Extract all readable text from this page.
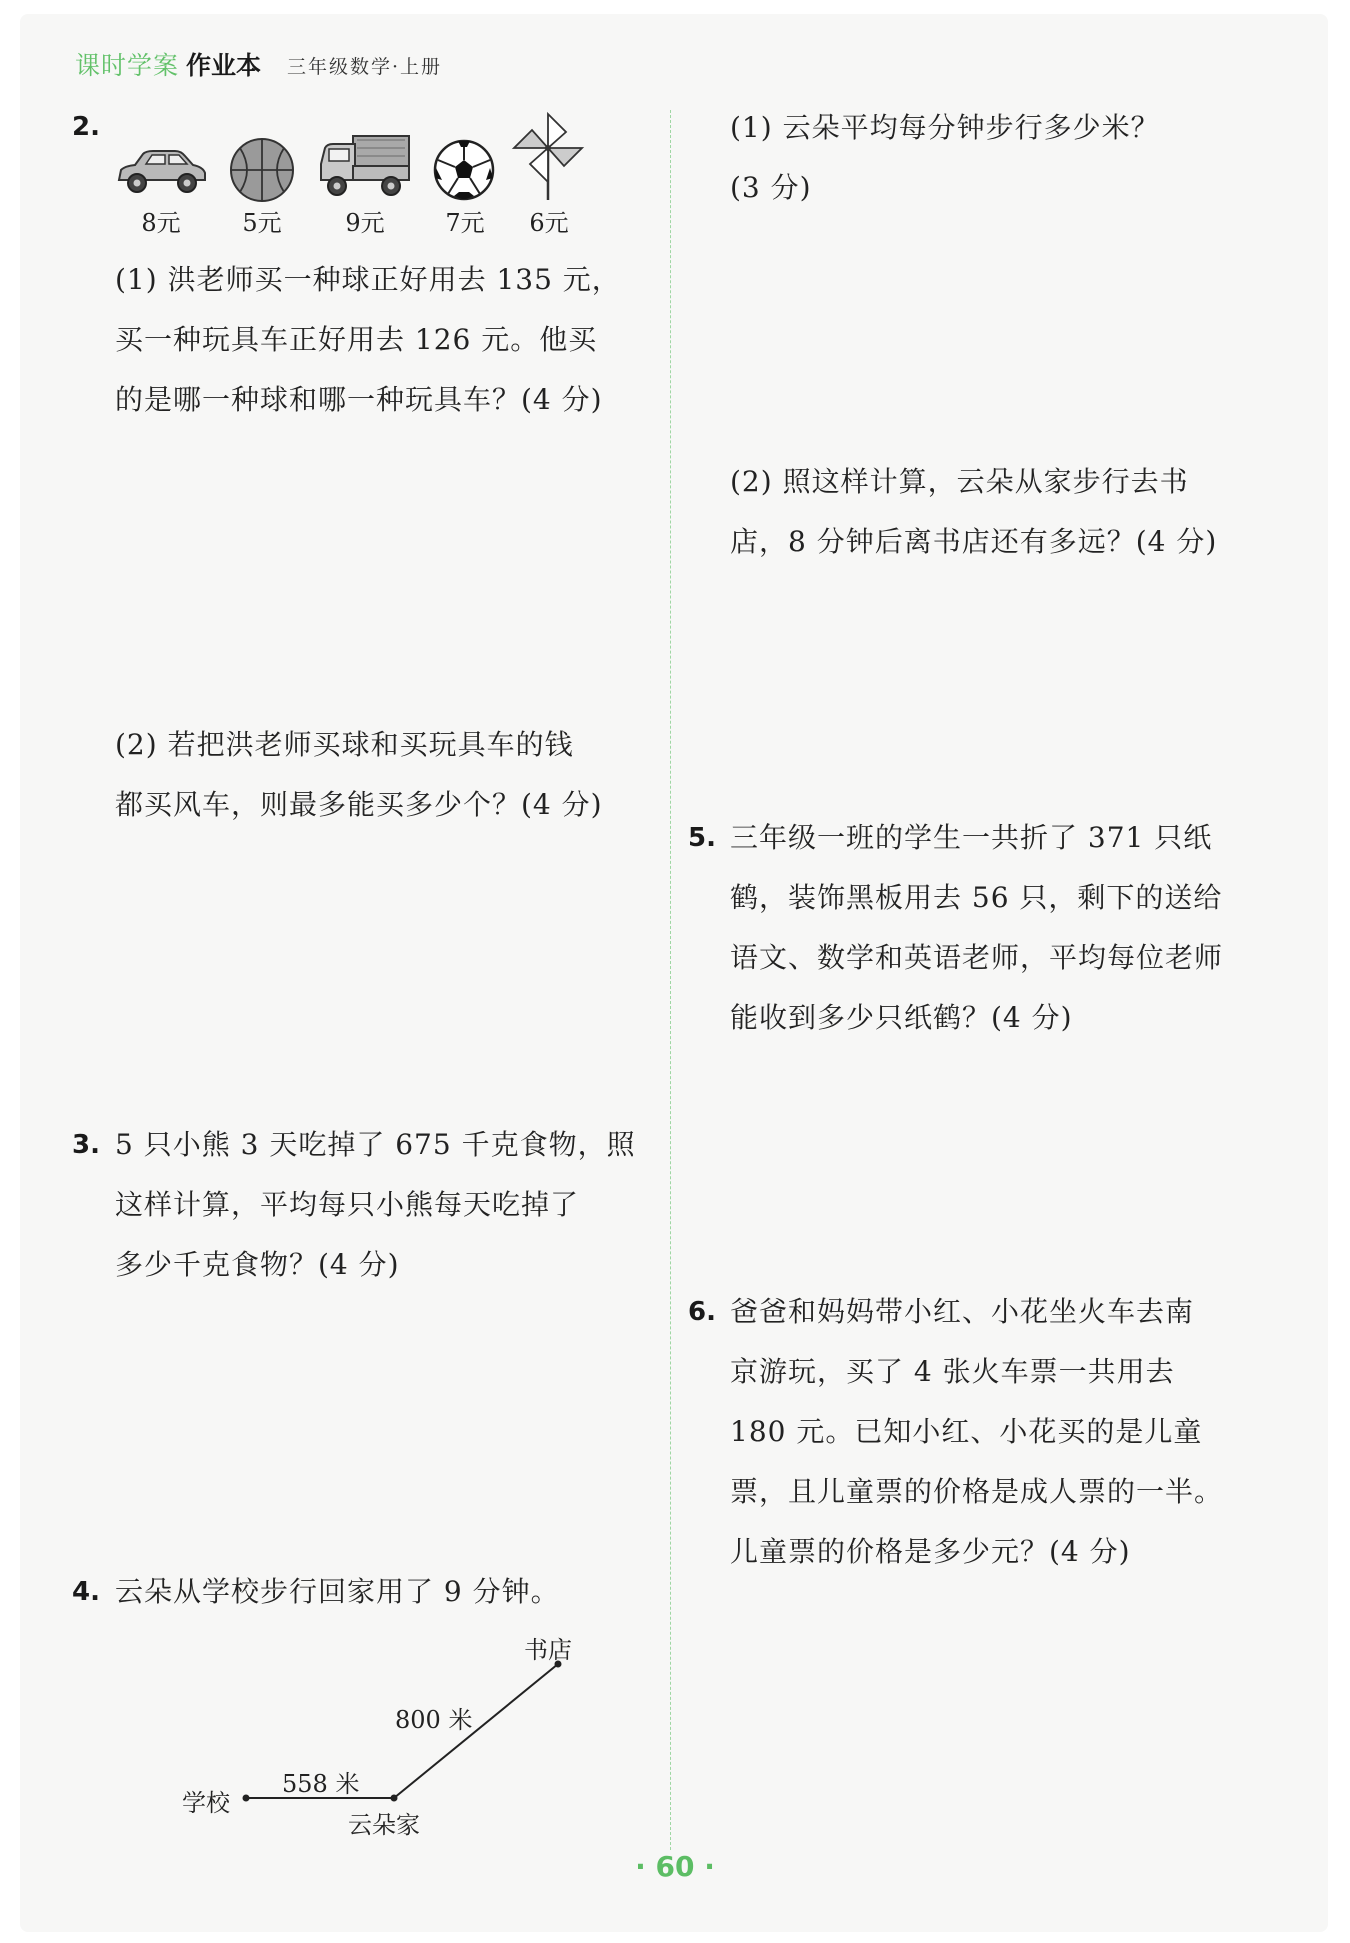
课时学案 作业本 三年级数学·上册
2.
8元	5元	9元	7元	6元
(1) 洪老师买一种球正好用去 135 元，
买一种玩具车正好用去 126 元。他买
的是哪一种球和哪一种玩具车？(4 分)
(2) 若把洪老师买球和买玩具车的钱
都买风车，则最多能买多少个？(4 分)
3. 5 只小熊 3 天吃掉了 675 千克食物，照
这样计算，平均每只小熊每天吃掉了
多少千克食物？(4 分)
4. 云朵从学校步行回家用了 9 分钟。
书店
800 米
558 米
学校
云朵家
(1) 云朵平均每分钟步行多少米？
(3 分)
(2) 照这样计算，云朵从家步行去书
店，8 分钟后离书店还有多远？(4 分)
5. 三年级一班的学生一共折了 371 只纸
鹤，装饰黑板用去 56 只，剩下的送给
语文、数学和英语老师，平均每位老师
能收到多少只纸鹤？(4 分)
6. 爸爸和妈妈带小红、小花坐火车去南
京游玩，买了 4 张火车票一共用去
180 元。已知小红、小花买的是儿童
票，且儿童票的价格是成人票的一半。
儿童票的价格是多少元？(4 分)
· 60 ·
